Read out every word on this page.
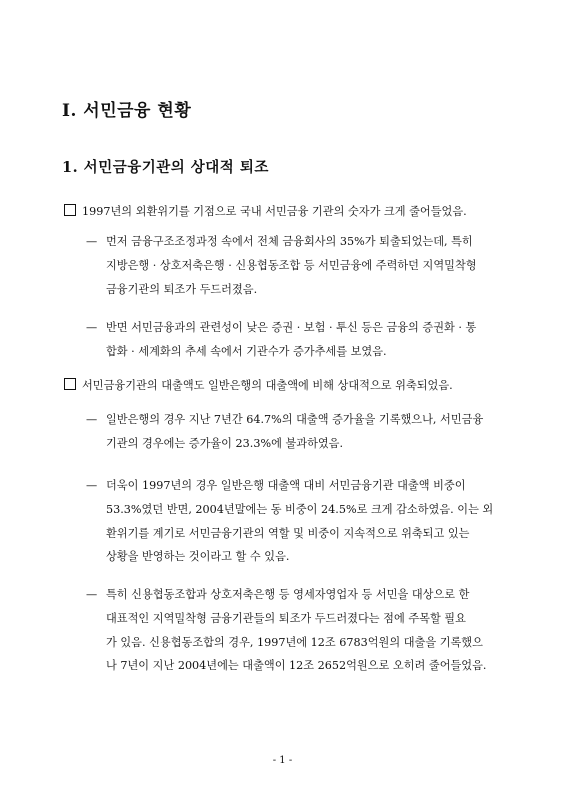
I. 서민금융 현황
1. 서민금융기관의 상대적 퇴조
1997년의 외환위기를 기점으로 국내 서민금융 기관의 숫자가 크게 줄어들었음.
— 먼저 금융구조조정과정 속에서 전체 금융회사의 35%가 퇴출되었는데, 특히
지방은행 · 상호저축은행 · 신용협동조합 등 서민금융에 주력하던 지역밀착형
금융기관의 퇴조가 두드러졌음.
— 반면 서민금융과의 관련성이 낮은 증권 · 보험 · 투신 등은 금융의 증권화 · 통
합화 · 세계화의 추세 속에서 기관수가 증가추세를 보였음.
서민금융기관의 대출액도 일반은행의 대출액에 비해 상대적으로 위축되었음.
— 일반은행의 경우 지난 7년간 64.7%의 대출액 증가율을 기록했으나, 서민금융
기관의 경우에는 증가율이 23.3%에 불과하였음.
— 더욱이 1997년의 경우 일반은행 대출액 대비 서민금융기관 대출액 비중이
53.3%였던 반면, 2004년말에는 동 비중이 24.5%로 크게 감소하였음. 이는 외
환위기를 계기로 서민금융기관의 역할 및 비중이 지속적으로 위축되고 있는
상황을 반영하는 것이라고 할 수 있음.
— 특히 신용협동조합과 상호저축은행 등 영세자영업자 등 서민을 대상으로 한
대표적인 지역밀착형 금융기관들의 퇴조가 두드러졌다는 점에 주목할 필요
가 있음. 신용협동조합의 경우, 1997년에 12조 6783억원의 대출을 기록했으
나 7년이 지난 2004년에는 대출액이 12조 2652억원으로 오히려 줄어들었음.
- 1 -
